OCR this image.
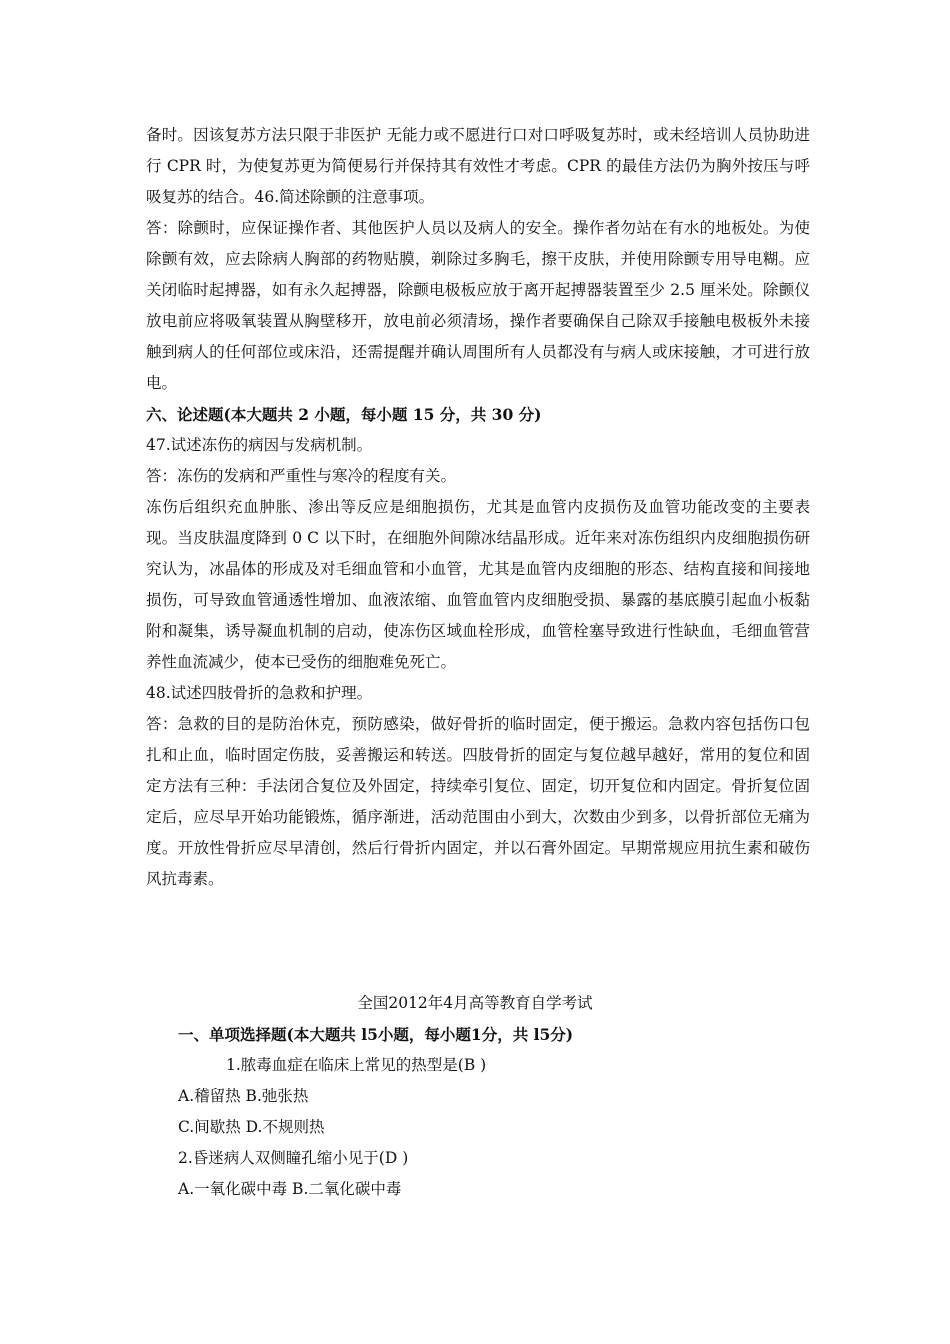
备时。因该复苏方法只限于非医护 无能力或不愿进行口对口呼吸复苏时，或未经培训人员协助进行 CPR 时，为使复苏更为简便易行并保持其有效性才考虑。CPR 的最佳方法仍为胸外按压与呼吸复苏的结合。46.简述除颤的注意事项。

答：除颤时，应保证操作者、其他医护人员以及病人的安全。操作者勿站在有水的地板处。为使除颤有效，应去除病人胸部的药物贴膜，剃除过多胸毛，擦干皮肤，并使用除颤专用导电糊。应关闭临时起搏器，如有永久起搏器，除颤电极板应放于离开起搏器装置至少 2.5 厘米处。除颤仪放电前应将吸氧装置从胸壁移开，放电前必须清场，操作者要确保自己除双手接触电极板外未接触到病人的任何部位或床沿，还需提醒并确认周围所有人员都没有与病人或床接触，才可进行放电。

六、论述题(本大题共 2 小题，每小题 15 分，共 30 分)

47.试述冻伤的病因与发病机制。

答：冻伤的发病和严重性与寒冷的程度有关。

冻伤后组织充血肿胀、渗出等反应是细胞损伤，尤其是血管内皮损伤及血管功能改变的主要表现。当皮肤温度降到 0 C 以下时，在细胞外间隙冰结晶形成。近年来对冻伤组织内皮细胞损伤研究认为，冰晶体的形成及对毛细血管和小血管，尤其是血管内皮细胞的形态、结构直接和间接地损伤，可导致血管通透性增加、血液浓缩、血管血管内皮细胞受损、暴露的基底膜引起血小板黏附和凝集，诱导凝血机制的启动，使冻伤区域血栓形成，血管栓塞导致进行性缺血，毛细血管营养性血流减少，使本已受伤的细胞难免死亡。

48.试述四肢骨折的急救和护理。

答：急救的目的是防治休克，预防感染，做好骨折的临时固定，便于搬运。急救内容包括伤口包扎和止血，临时固定伤肢，妥善搬运和转送。四肢骨折的固定与复位越早越好，常用的复位和固定方法有三种：手法闭合复位及外固定，持续牵引复位、固定，切开复位和内固定。骨折复位固定后，应尽早开始功能锻炼，循序渐进，活动范围由小到大，次数由少到多，以骨折部位无痛为度。开放性骨折应尽早清创，然后行骨折内固定，并以石膏外固定。早期常规应用抗生素和破伤风抗毒素。

全国2012年4月高等教育自学考试

一、单项选择题(本大题共 l5小题，每小题1分，共 l5分)

1.脓毒血症在临床上常见的热型是(B )

A.稽留热 B.弛张热

C.间歇热 D.不规则热

2.昏迷病人双侧瞳孔缩小见于(D )

A.一氧化碳中毒 B.二氧化碳中毒
